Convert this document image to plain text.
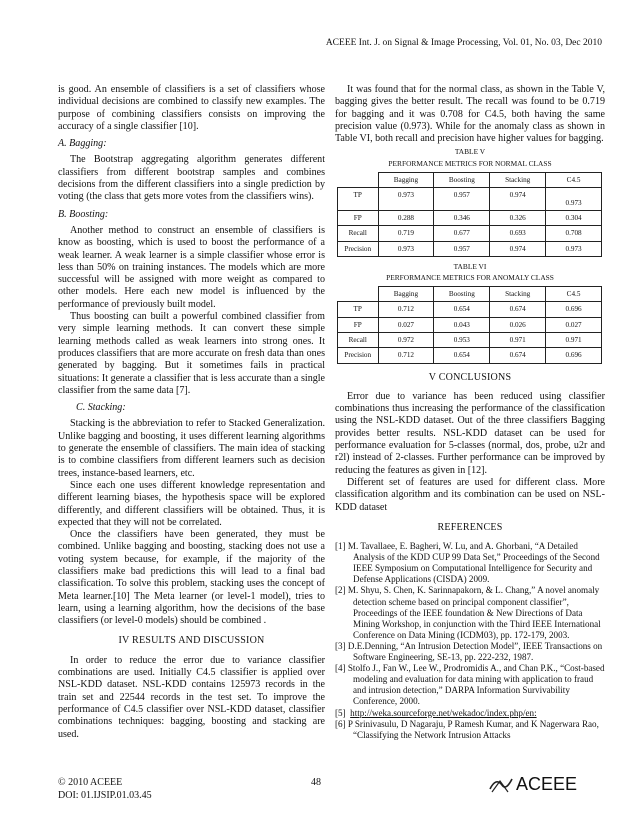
ACEEE Int. J. on Signal & Image Processing, Vol. 01, No. 03, Dec 2010

is good. An ensemble of classifiers is a set of classifiers whose individual decisions are combined to classify new examples. The purpose of combining classifiers consists on improving the accuracy of a single classifier [10].

A. Bagging:

The Bootstrap aggregating algorithm generates different classifiers from different bootstrap samples and combines decisions from the different classifiers into a single prediction by voting (the class that gets more votes from the classifiers wins).

B. Boosting:

Another method to construct an ensemble of classifiers is know as boosting, which is used to boost the performance of a weak learner. A weak learner is a simple classifier whose error is less than 50% on training instances. The models which are more successful will be assigned with more weight as compared to other models. Here each new model is influenced by the performance of previously built model.

Thus boosting can built a powerful combined classifier from very simple learning methods. It can convert these simple learning methods called as weak learners into strong ones. It produces classifiers that are more accurate on fresh data than ones generated by bagging. But it sometimes fails in practical situations: It generate a classifier that is less accurate than a single classifier from the same data [7].

C. Stacking:

Stacking is the abbreviation to refer to Stacked Generalization. Unlike bagging and boosting, it uses different learning algorithms to generate the ensemble of classifiers. The main idea of stacking is to combine classifiers from different learners such as decision trees, instance-based learners, etc.

Since each one uses different knowledge representation and different learning biases, the hypothesis space will be explored differently, and different classifiers will be obtained. Thus, it is expected that they will not be correlated.

Once the classifiers have been generated, they must be combined. Unlike bagging and boosting, stacking does not use a voting system because, for example, if the majority of the classifiers make bad predictions this will lead to a final bad classification. To solve this problem, stacking uses the concept of Meta learner.[10] The Meta learner (or level-1 model), tries to learn, using a learning algorithm, how the decisions of the base classifiers (or level-0 models) should be combined .

IV RESULTS AND DISCUSSION

In order to reduce the error due to variance classifier combinations are used. Initially C4.5 classifier is applied over NSL-KDD dataset. NSL-KDD contains 125973 records in the train set and 22544 records in the test set. To improve the performance of C4.5 classifier over NSL-KDD dataset, classifier combinations techniques: bagging, boosting and stacking are used.

It was found that for the normal class, as shown in the Table V, bagging gives the better result. The recall was found to be 0.719 for bagging and it was 0.708 for C4.5, both having the same precision value (0.973). While for the anomaly class as shown in Table VI, both recall and precision have higher values for bagging.

TABLE V
PERFORMANCE METRICS FOR NORMAL CLASS
	Bagging	Boosting	Stacking	C4.5
TP	0.973	0.957	0.974	0.973
FP	0.288	0.346	0.326	0.304
Recall	0.719	0.677	0.693	0.708
Precision	0.973	0.957	0.974	0.973
TABLE VI
PERFORMANCE METRICS FOR ANOMALY CLASS
	Bagging	Boosting	Stacking	C4.5
TP	0.712	0.654	0.674	0.696
FP	0.027	0.043	0.026	0.027
Recall	0.972	0.953	0.971	0.971
Precision	0.712	0.654	0.674	0.696

V CONCLUSIONS

Error due to variance has been reduced using classifier combinations thus increasing the performance of the classification using the NSL-KDD dataset. Out of the three classifiers Bagging provides better results. NSL-KDD dataset can be used for performance evaluation for 5-classes (normal, dos, probe, u2r and r2l) instead of 2-classes. Further performance can be improved by reducing the features as given in [12].

Different set of features are used for different class. More classification algorithm and its combination can be used on NSL-KDD dataset

REFERENCES

[1] M. Tavallaee, E. Bagheri, W. Lu, and A. Ghorbani, “A Detailed Analysis of the KDD CUP 99 Data Set,” Proceedings of the Second IEEE Symposium on Computational Intelligence for Security and Defense Applications (CISDA) 2009.

[2] M. Shyu, S. Chen, K. Sarinnapakorn, & L. Chang,” A novel anomaly detection scheme based on principal component classifier”, Proceedings of the IEEE foundation & New Directions of Data Mining Workshop, in conjunction with the Third IEEE International Conference on Data Mining (ICDM03), pp. 172-179, 2003.

[3] D.E.Denning, “An Intrusion Detection Model”, IEEE Transactions on Software Engineering, SE-13, pp. 222-232, 1987.

[4] Stolfo J., Fan W., Lee W., Prodromidis A., and Chan P.K., “Cost-based modeling and evaluation for data mining with application to fraud and intrusion detection,” DARPA Information Survivability Conference, 2000.

[5] http://weka.sourceforge.net/wekadoc/index.php/en:

[6] P Srinivasulu, D Nagaraju, P Ramesh Kumar, and K Nagerwara Rao, “Classifying the Network Intrusion Attacks

© 2010 ACEEE
DOI: 01.IJSIP.01.03.45
48	ACEEE
